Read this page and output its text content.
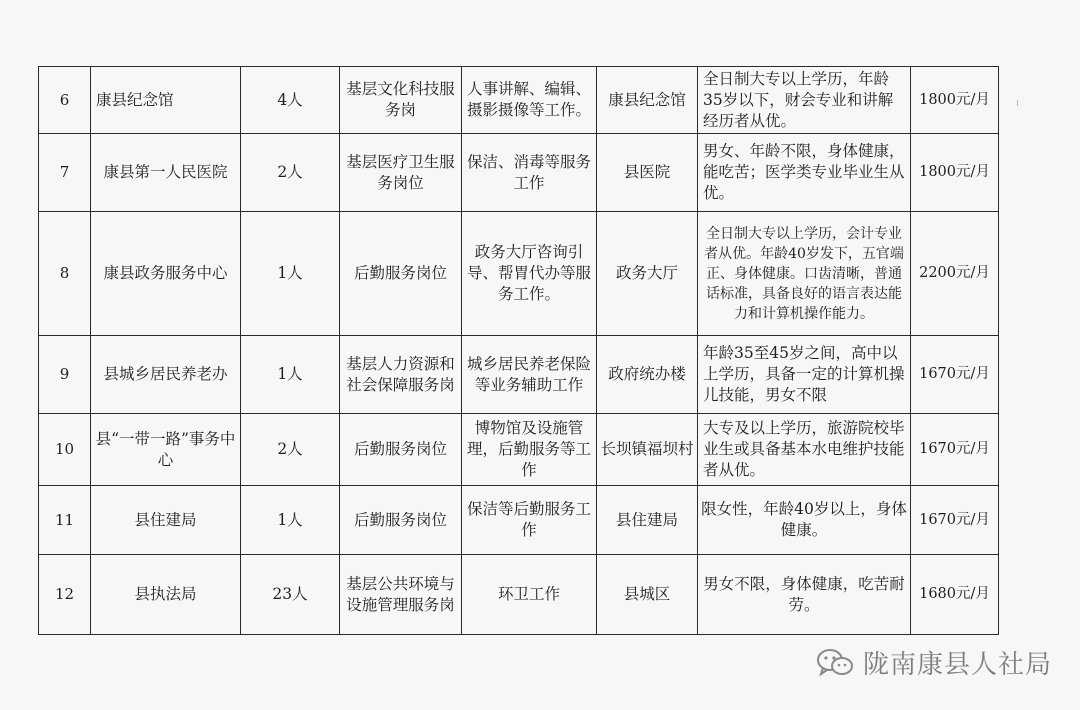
6	康县纪念馆	4人	基层文化科技服务岗	人事讲解、编辑、摄影摄像等工作。	康县纪念馆	全日制大专以上学历，年龄35岁以下，财会专业和讲解经历者从优。	1800元/月	
7	康县第一人民医院	2人	基层医疗卫生服务岗位	保洁、消毒等服务工作	县医院	男女、年龄不限，身体健康，能吃苦；医学类专业毕业生从优。	1800元/月	
8	康县政务服务中心	1人	后勤服务岗位	政务大厅咨询引导、帮胃代办等服务工作。	政务大厅	全日制大专以上学历，会计专业者从优。年龄40岁发下，五官端正、身体健康。口齿清晰，普通话标准，具备良好的语言表达能力和计算机操作能力。	2200元/月	
9	县城乡居民养老办	1人	基层人力资源和社会保障服务岗	城乡居民养老保险等业务辅助工作	政府统办楼	年龄35至45岁之间，高中以上学历，具备一定的计算机操儿技能，男女不限	1670元/月	
10	县“一带一路”事务中心	2人	后勤服务岗位	博物馆及设施管理，后勤服务等工作	长坝镇福坝村	大专及以上学历，旅游院校毕业生或具备基本水电维护技能者从优。	1670元/月	
11	县住建局	1人	后勤服务岗位	保洁等后勤服务工作	县住建局	限女性，年龄40岁以上，身体健康。	1670元/月	
12	县执法局	23人	基层公共环境与设施管理服务岗	环卫工作	县城区	男女不限，身体健康，吃苦耐劳。	1680元/月	
陇南康县人社局
